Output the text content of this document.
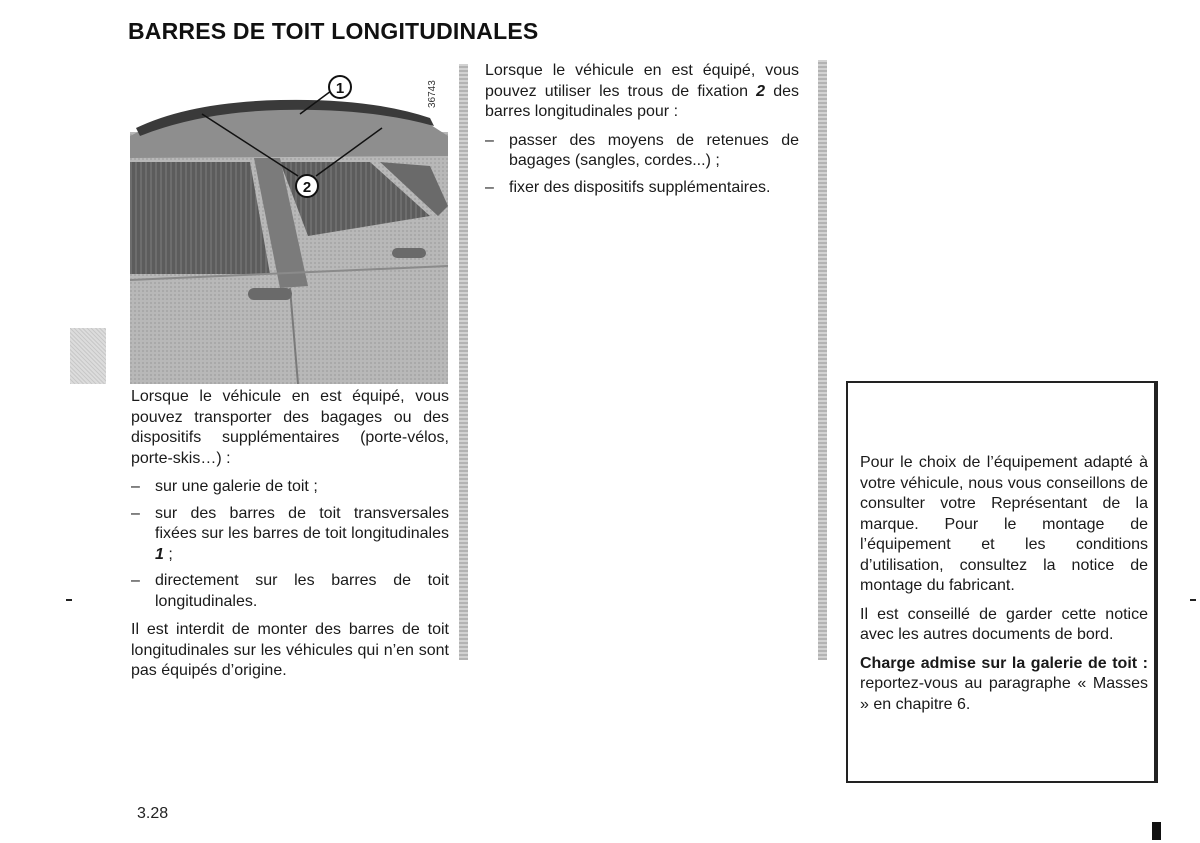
BARRES DE TOIT LONGITUDINALES
1
2
36743

Lorsque le véhicule en est équipé, vous pouvez transporter des bagages ou des dispositifs supplémentaires (porte-vélos, porte-skis…) :

– sur une galerie de toit ;
– sur des barres de toit transversales fixées sur les barres de toit longitudinales 1 ;
– directement sur les barres de toit longitudinales.

Il est interdit de monter des barres de toit longitudinales sur les véhicules qui n’en sont pas équipés d’origine.

Lorsque le véhicule en est équipé, vous pouvez utiliser les trous de fixation 2 des barres longitudinales pour :

– passer des moyens de retenues de bagages (sangles, cordes...) ;
– fixer des dispositifs supplémentaires.

Pour le choix de l’équipement adapté à votre véhicule, nous vous conseillons de consulter votre Représentant de la marque. Pour le montage de l’équipement et les conditions d’utilisation, consultez la notice de montage du fabricant.

Il est conseillé de garder cette notice avec les autres documents de bord.

Charge admise sur la galerie de toit : reportez-vous au paragraphe « Masses » en chapitre 6.

3.28
